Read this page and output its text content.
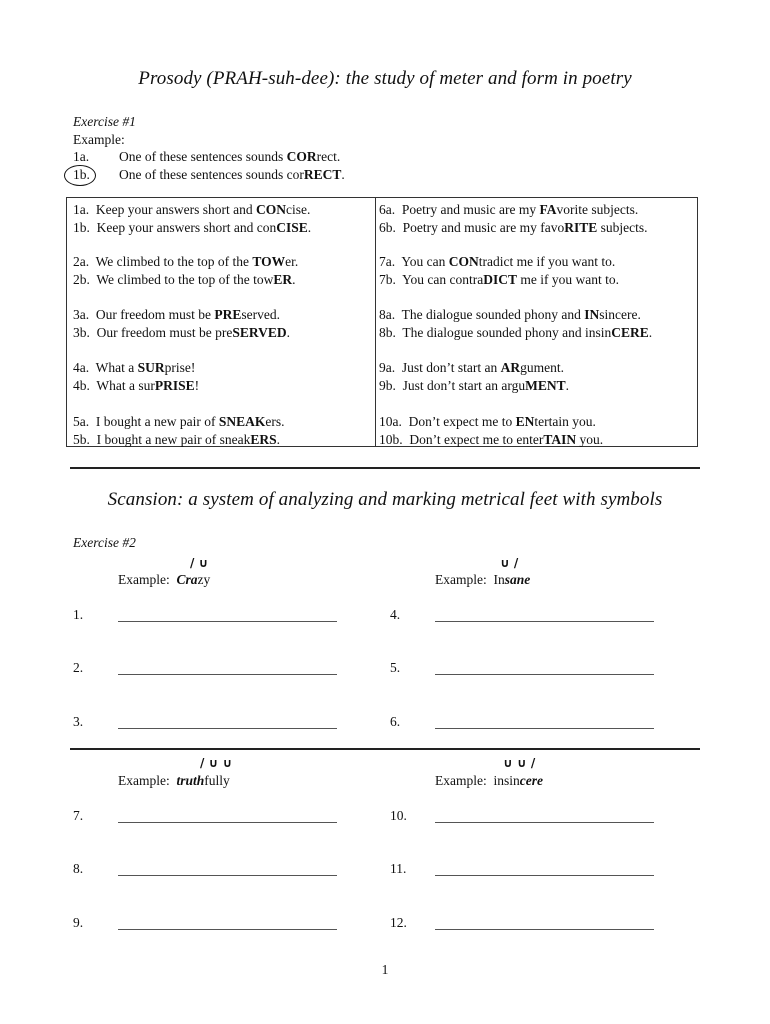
Prosody (PRAH-suh-dee): the study of meter and form in poetry
Exercise #1
Example:
1a. One of these sentences sounds CORrect.
1b. One of these sentences sounds corRECT.
1a. Keep your answers short and CONcise.
1b. Keep your answers short and conCISE.
2a. We climbed to the top of the TOWer.
2b. We climbed to the top of the towER.
3a. Our freedom must be PREserved.
3b. Our freedom must be preSERVED.
4a. What a SURprise!
4b. What a surPRISE!
5a. I bought a new pair of SNEAKers.
5b. I bought a new pair of sneakERS.
6a. Poetry and music are my FAvorite subjects.
6b. Poetry and music are my favoRITE subjects.
7a. You can CONtradict me if you want to.
7b. You can contraDICT me if you want to.
8a. The dialogue sounded phony and INsincere.
8b. The dialogue sounded phony and insinCERE.
9a. Just don’t start an ARgument.
9b. Just don’t start an arguMENT.
10a. Don’t expect me to ENtertain you.
10b. Don’t expect me to enterTAIN you.
Scansion: a system of analyzing and marking metrical feet with symbols
Exercise #2
/ ∪
Example: Crazy
∪ /
Example: Insane
1.	4.
2.	5.
3.	6.
/ ∪ ∪
Example: truthfully
∪ ∪ /
Example: insincere
7.	10.
8.	11.
9.	12.
1
